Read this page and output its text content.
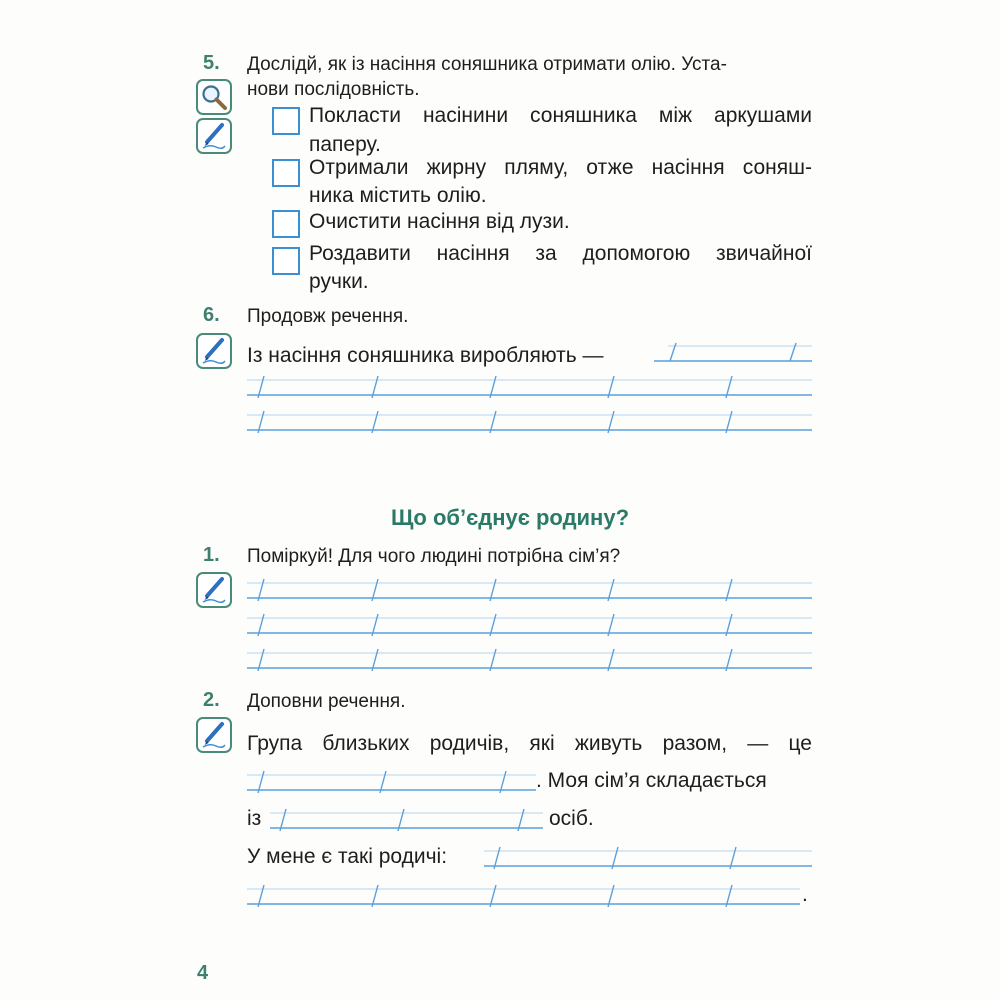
5. Дослідй, як із насіння соняшника отримати олію. Уста-
нови послідовність.
Покласти насінини соняшника між аркушами
паперу.
Отримали жирну пляму, отже насіння соняш-
ника містить олію.
Очистити насіння від лузи.
Роздавити насіння за допомогою звичайної
ручки.
6. Продовж речення.
Із насіння соняшника виробляють —
Що об’єднує родину?
1. Поміркуй! Для чого людині потрібна сім’я?
2. Доповни речення.
Група близьких родичів, які живуть разом, — це
. Моя сім’я складається
із	осіб.
У мене є такі родичі:
.
4
